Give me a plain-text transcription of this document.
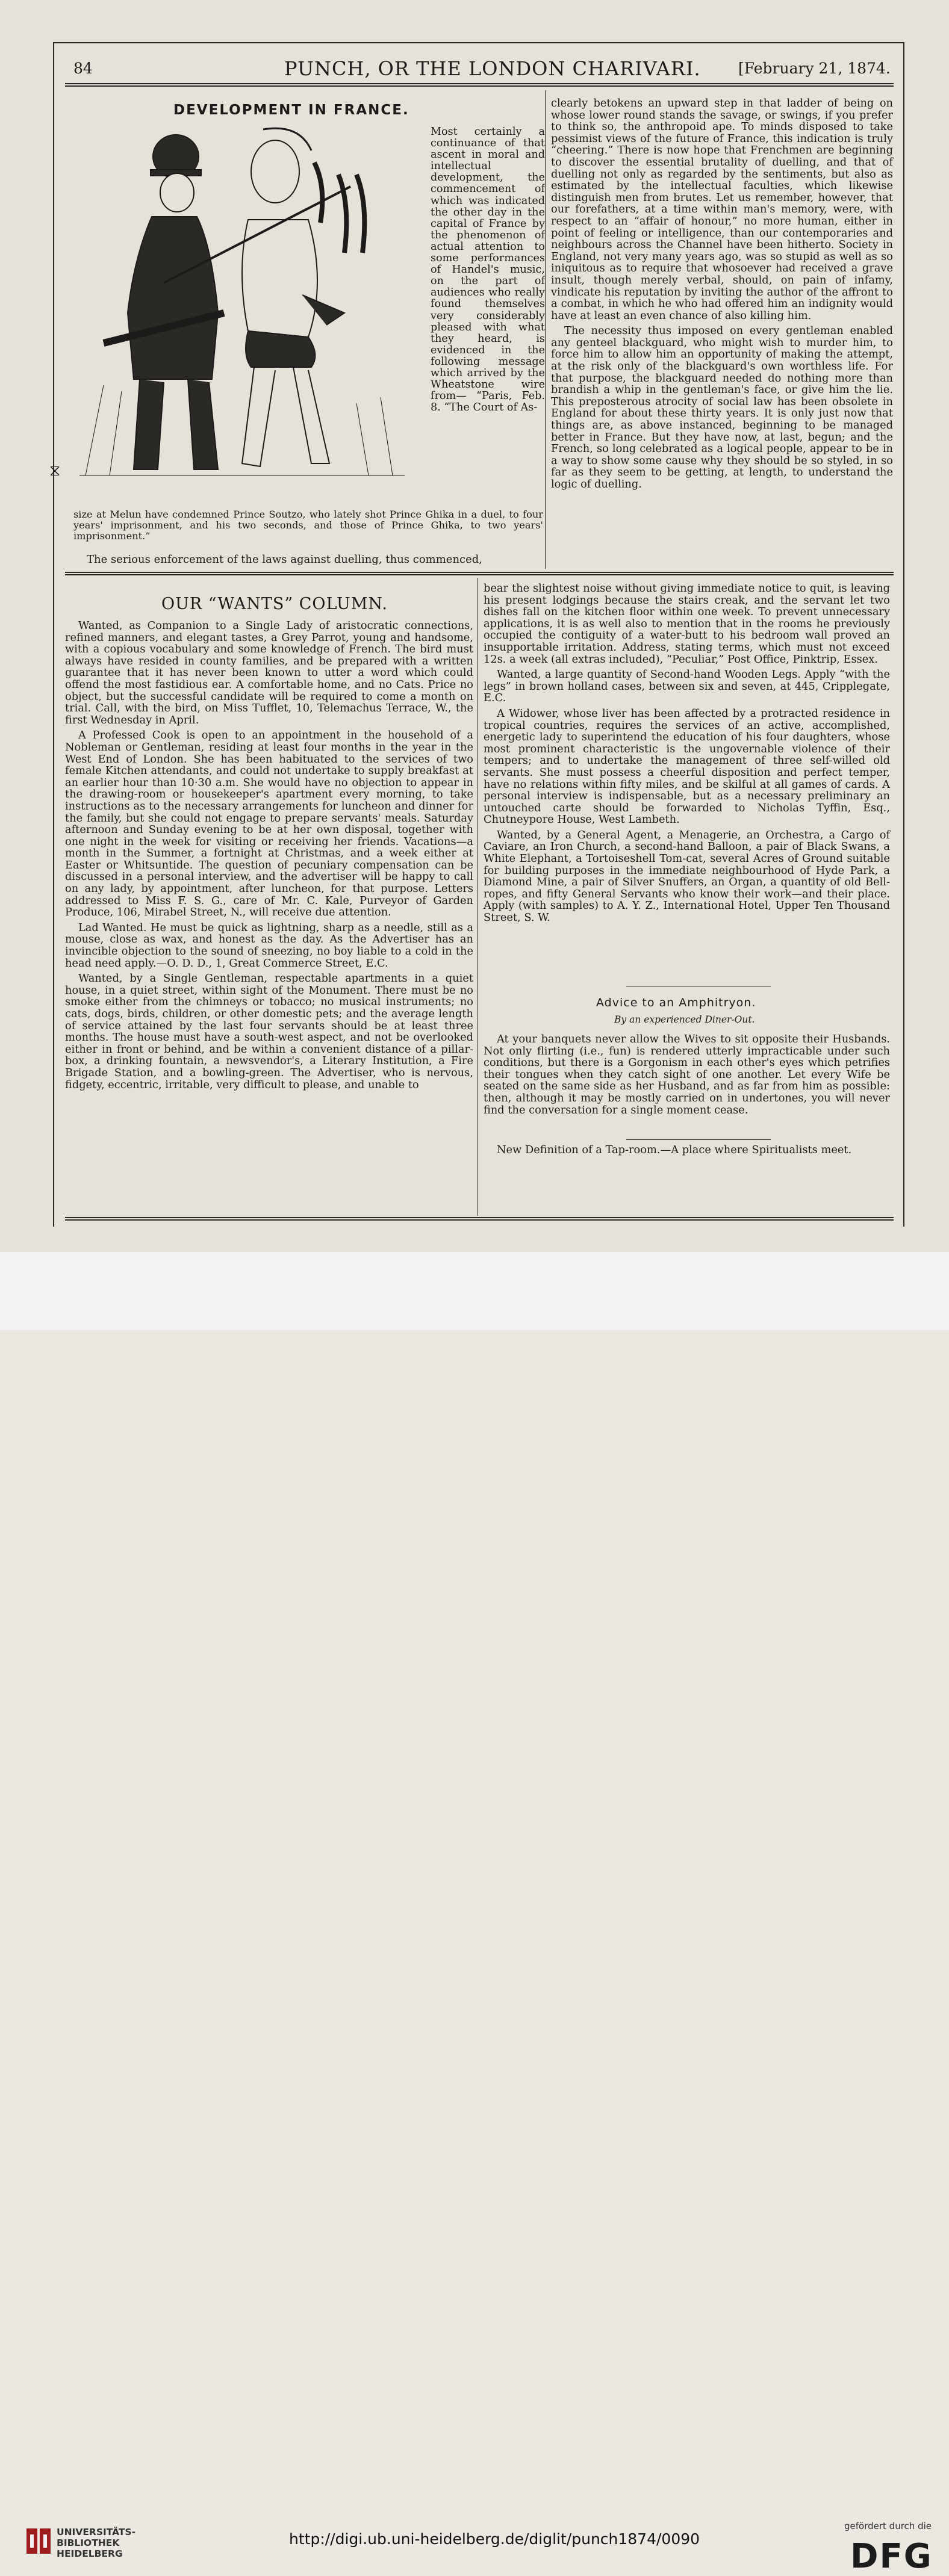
84	PUNCH, OR THE LONDON CHARIVARI. [February 21, 1874.
DEVELOPMENT IN FRANCE.
⧖

Most certainly a continuance of that ascent in moral and intellectual development, the commencement of which was indicated the other day in the capital of France by the phenomenon of actual attention to some performances of Handel's music, on the part of audiences who really found themselves very considerably pleased with what they heard, is evidenced in the following message which arrived by the Wheatstone wire from— “Paris, Feb. 8. “The Court of As-

size at Melun have condemned Prince Soutzo, who lately shot Prince Ghika in a duel, to four years' imprisonment, and his two seconds, and those of Prince Ghika, to two years' imprisonment.”

The serious enforcement of the laws against duelling, thus commenced,

clearly betokens an upward step in that ladder of being on whose lower round stands the savage, or swings, if you prefer to think so, the anthropoid ape. To minds disposed to take pessimist views of the future of France, this indication is truly “cheering.” There is now hope that Frenchmen are beginning to discover the essential brutality of duelling, and that of duelling not only as regarded by the sentiments, but also as estimated by the intellectual faculties, which likewise distinguish men from brutes. Let us remember, however, that our forefathers, at a time within man's memory, were, with respect to an “affair of honour,” no more human, either in point of feeling or intelligence, than our contemporaries and neighbours across the Channel have been hitherto. Society in England, not very many years ago, was so stupid as well as so iniquitous as to require that whosoever had received a grave insult, though merely verbal, should, on pain of infamy, vindicate his reputation by inviting the author of the affront to a combat, in which he who had offered him an indignity would have at least an even chance of also killing him.

The necessity thus imposed on every gentleman enabled any genteel blackguard, who might wish to murder him, to force him to allow him an opportunity of making the attempt, at the risk only of the blackguard's own worthless life. For that purpose, the blackguard needed do nothing more than brandish a whip in the gentleman's face, or give him the lie. This preposterous atrocity of social law has been obsolete in England for about these thirty years. It is only just now that things are, as above instanced, beginning to be managed better in France. But they have now, at last, begun; and the French, so long celebrated as a logical people, appear to be in a way to show some cause why they should be so styled, in so far as they seem to be getting, at length, to understand the logic of duelling.

OUR “WANTS” COLUMN.

Wanted, as Companion to a Single Lady of aristocratic connections, refined manners, and elegant tastes, a Grey Parrot, young and handsome, with a copious vocabulary and some knowledge of French. The bird must always have resided in county families, and be prepared with a written guarantee that it has never been known to utter a word which could offend the most fastidious ear. A comfortable home, and no Cats. Price no object, but the successful candidate will be required to come a month on trial. Call, with the bird, on Miss Tufflet, 10, Telemachus Terrace, W., the first Wednesday in April.

A Professed Cook is open to an appointment in the household of a Nobleman or Gentleman, residing at least four months in the year in the West End of London. She has been habituated to the services of two female Kitchen attendants, and could not undertake to supply breakfast at an earlier hour than 10·30 a.m. She would have no objection to appear in the drawing-room or housekeeper's apartment every morning, to take instructions as to the necessary arrangements for luncheon and dinner for the family, but she could not engage to prepare servants' meals. Saturday afternoon and Sunday evening to be at her own disposal, together with one night in the week for visiting or receiving her friends. Vacations—a month in the Summer, a fortnight at Christmas, and a week either at Easter or Whitsuntide. The question of pecuniary compensation can be discussed in a personal interview, and the advertiser will be happy to call on any lady, by appointment, after luncheon, for that purpose. Letters addressed to Miss F. S. G., care of Mr. C. Kale, Purveyor of Garden Produce, 106, Mirabel Street, N., will receive due attention.

Lad Wanted. He must be quick as lightning, sharp as a needle, still as a mouse, close as wax, and honest as the day. As the Advertiser has an invincible objection to the sound of sneezing, no boy liable to a cold in the head need apply.—O. D. D., 1, Great Commerce Street, E.C.

Wanted, by a Single Gentleman, respectable apartments in a quiet house, in a quiet street, within sight of the Monument. There must be no smoke either from the chimneys or tobacco; no musical instruments; no cats, dogs, birds, children, or other domestic pets; and the average length of service attained by the last four servants should be at least three months. The house must have a south-west aspect, and not be overlooked either in front or behind, and be within a convenient distance of a pillar-box, a drinking fountain, a newsvendor's, a Literary Institution, a Fire Brigade Station, and a bowling-green. The Advertiser, who is nervous, fidgety, eccentric, irritable, very difficult to please, and unable to

bear the slightest noise without giving immediate notice to quit, is leaving his present lodgings because the stairs creak, and the servant let two dishes fall on the kitchen floor within one week. To prevent unnecessary applications, it is as well also to mention that in the rooms he previously occupied the contiguity of a water-butt to his bedroom wall proved an insupportable irritation. Address, stating terms, which must not exceed 12s. a week (all extras included), “Peculiar,” Post Office, Pinktrip, Essex.

Wanted, a large quantity of Second-hand Wooden Legs. Apply “with the legs” in brown holland cases, between six and seven, at 445, Cripplegate, E.C.

A Widower, whose liver has been affected by a protracted residence in tropical countries, requires the services of an active, accomplished, energetic lady to superintend the education of his four daughters, whose most prominent characteristic is the ungovernable violence of their tempers; and to undertake the management of three self-willed old servants. She must possess a cheerful disposition and perfect temper, have no relations within fifty miles, and be skilful at all games of cards. A personal interview is indispensable, but as a necessary preliminary an untouched carte should be forwarded to Nicholas Tyffin, Esq., Chutneypore House, West Lambeth.

Wanted, by a General Agent, a Menagerie, an Orchestra, a Cargo of Caviare, an Iron Church, a second-hand Balloon, a pair of Black Swans, a White Elephant, a Tortoiseshell Tom-cat, several Acres of Ground suitable for building purposes in the immediate neighbourhood of Hyde Park, a Diamond Mine, a pair of Silver Snuffers, an Organ, a quantity of old Bell-ropes, and fifty General Servants who know their work—and their place. Apply (with samples) to A. Y. Z., International Hotel, Upper Ten Thousand Street, S. W.

Advice to an Amphitryon.
By an experienced Diner-Out.

At your banquets never allow the Wives to sit opposite their Husbands. Not only flirting (i.e., fun) is rendered utterly impracticable under such conditions, but there is a Gorgonism in each other's eyes which petrifies their tongues when they catch sight of one another. Let every Wife be seated on the same side as her Husband, and as far from him as possible: then, although it may be mostly carried on in undertones, you will never find the conversation for a single moment cease.

New Definition of a Tap-room.—A place where Spiritualists meet.

UNIVERSITÄTS-
BIBLIOTHEK
HEIDELBERG
http://digi.ub.uni-heidelberg.de/diglit/punch1874/0090
gefördert durch die
DFG
